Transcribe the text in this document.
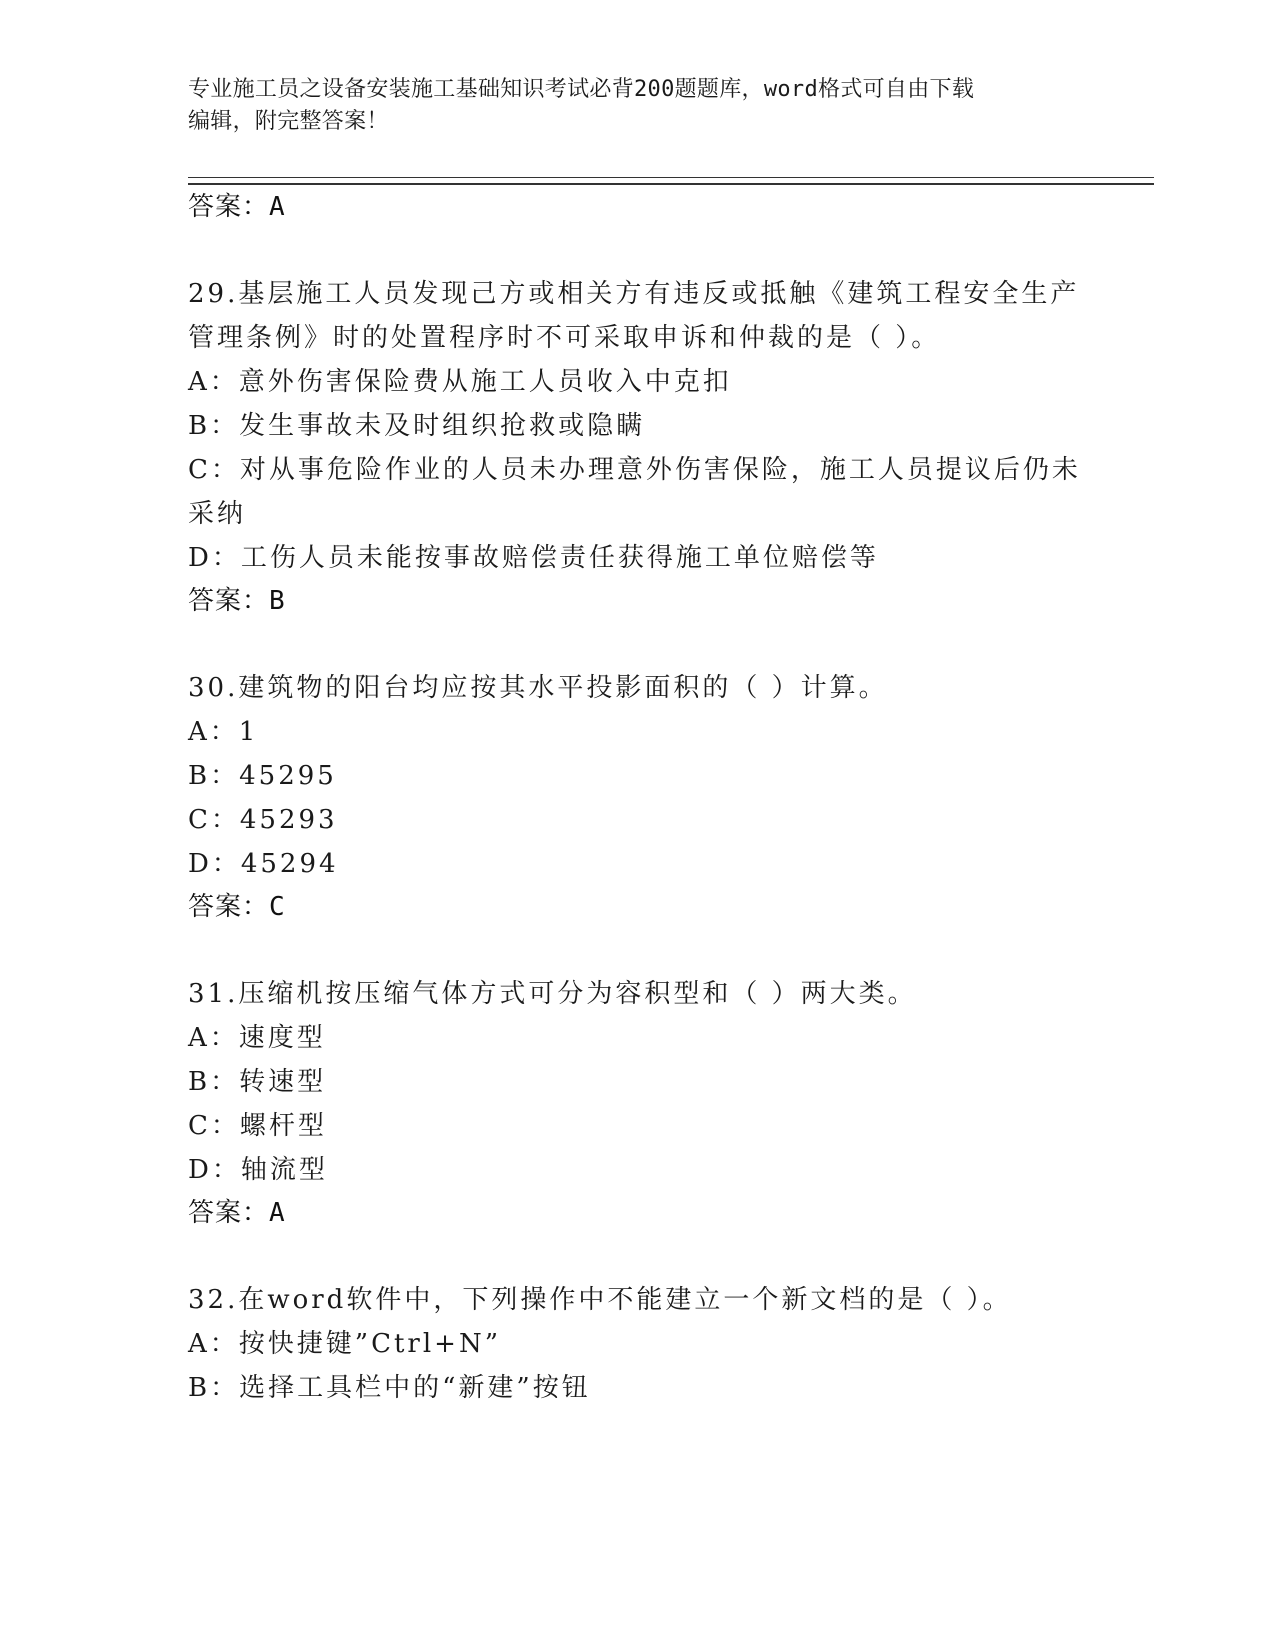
专业施工员之设备安装施工基础知识考试必背200题题库，word格式可自由下载
编辑，附完整答案！
答案：A
29.基层施工人员发现己方或相关方有违反或抵触《建筑工程安全生产
管理条例》时的处置程序时不可采取申诉和仲裁的是（ ）。
A：意外伤害保险费从施工人员收入中克扣
B：发生事故未及时组织抢救或隐瞒
C：对从事危险作业的人员未办理意外伤害保险，施工人员提议后仍未
采纳
D：工伤人员未能按事故赔偿责任获得施工单位赔偿等
答案：B
30.建筑物的阳台均应按其水平投影面积的（ ）计算。
A：1
B：45295
C：45293
D：45294
答案：C
31.压缩机按压缩气体方式可分为容积型和（ ）两大类。
A：速度型
B：转速型
C：螺杆型
D：轴流型
答案：A
32.在word软件中，下列操作中不能建立一个新文档的是（ ）。
A：按快捷键”Ctrl+N”
B：选择工具栏中的“新建”按钮
